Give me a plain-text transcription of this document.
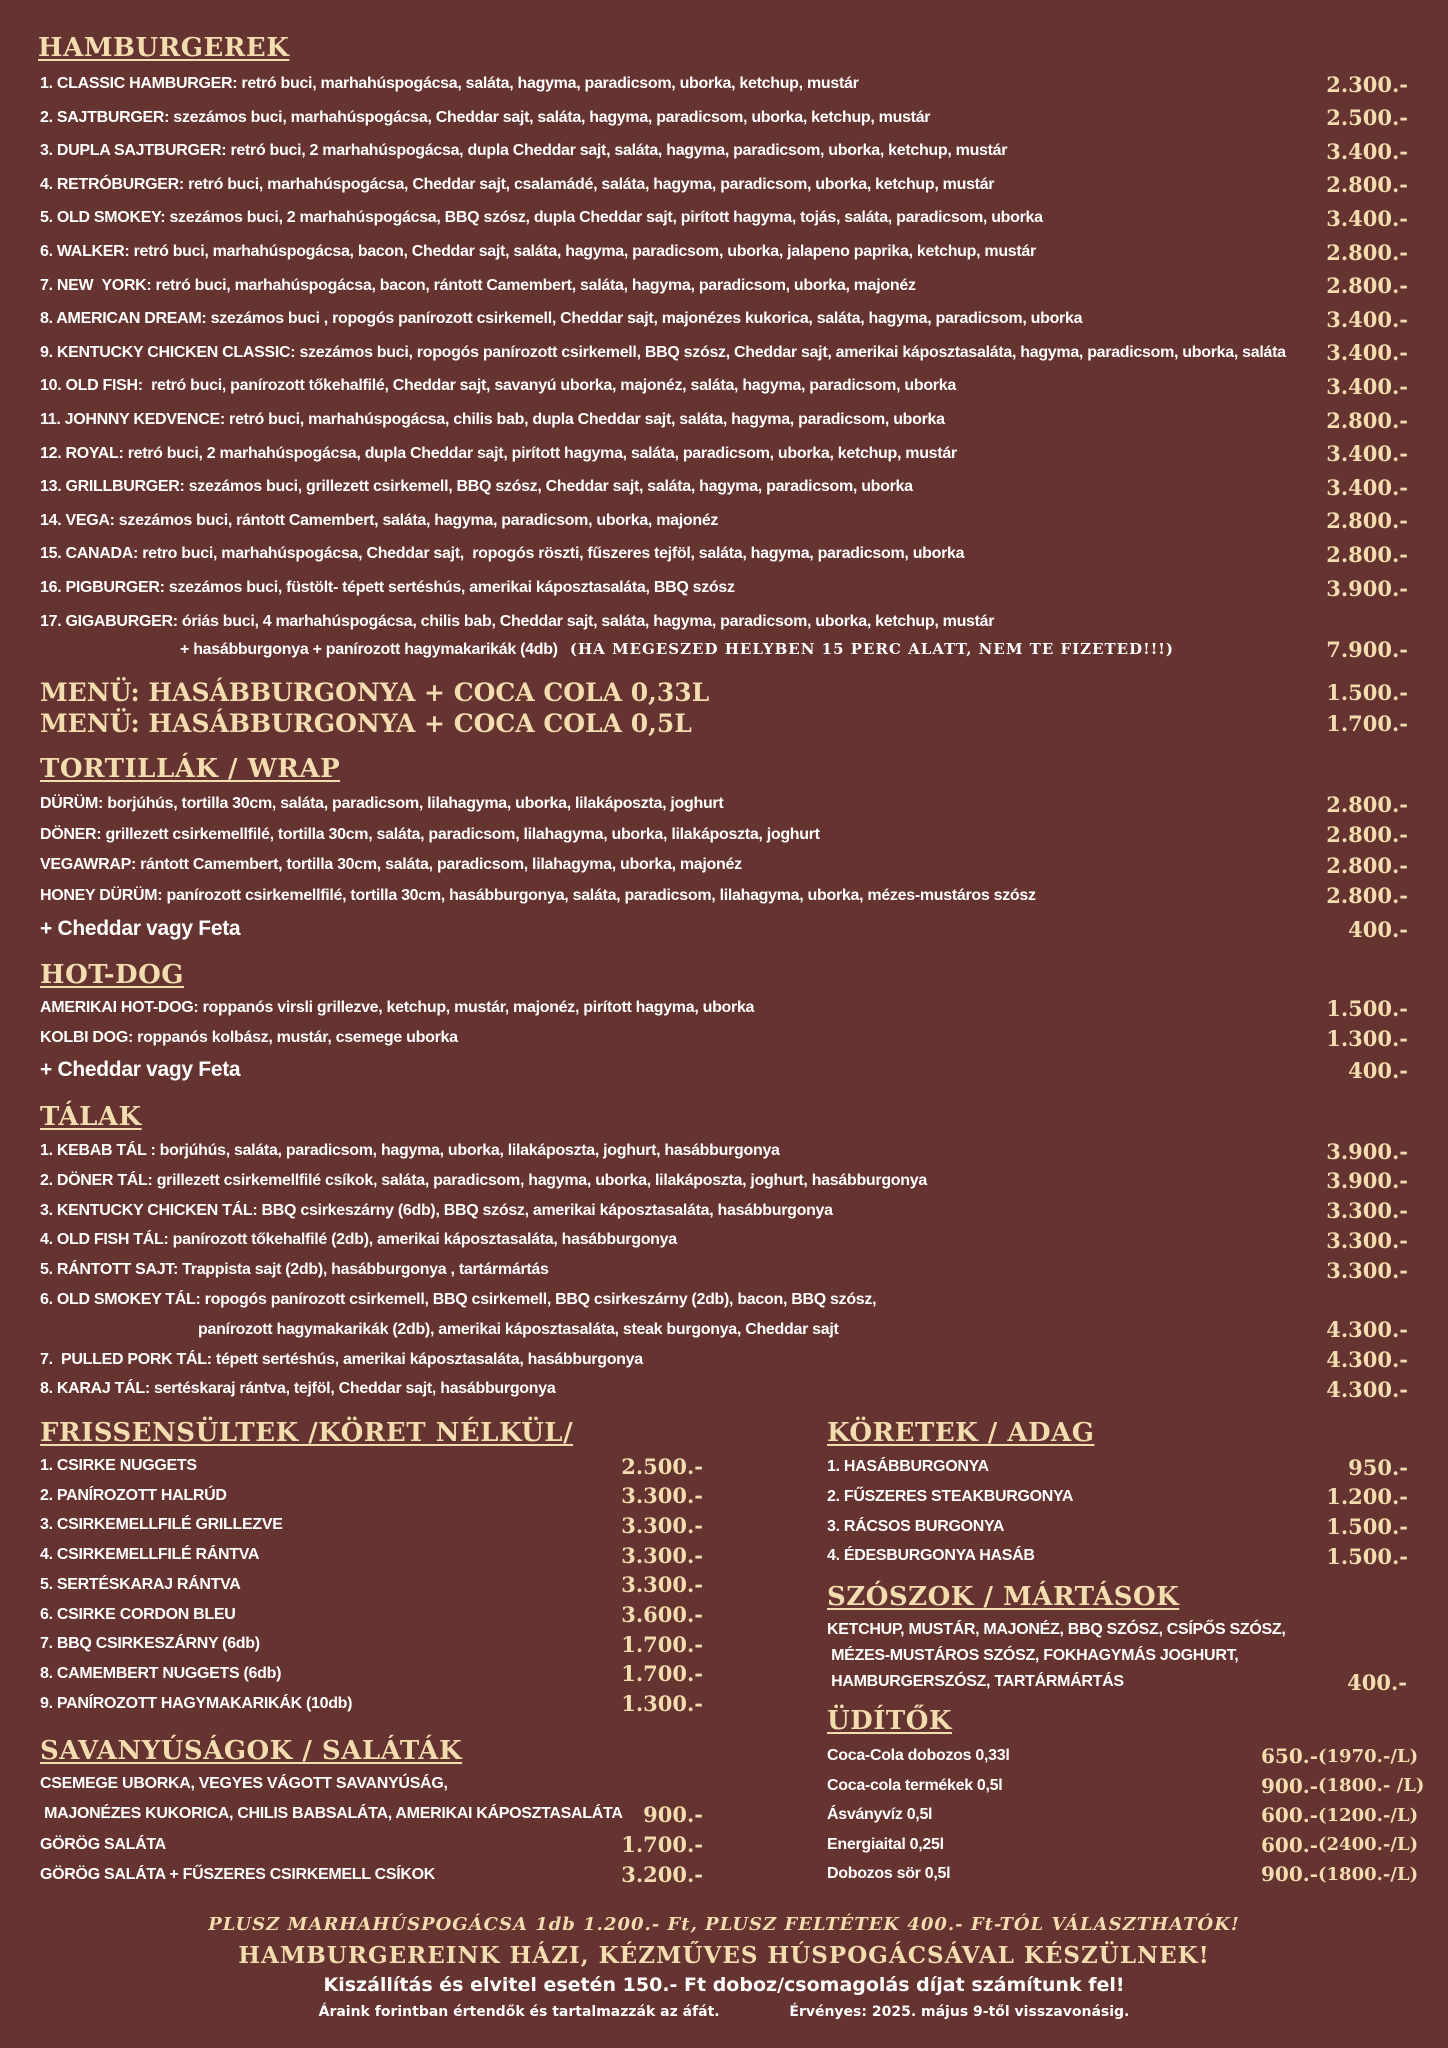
HAMBURGEREK
1. CLASSIC HAMBURGER: retró buci, marhahúspogácsa, saláta, hagyma, paradicsom, uborka, ketchup, mustár	2.300.-
2. SAJTBURGER: szezámos buci, marhahúspogácsa, Cheddar sajt, saláta, hagyma, paradicsom, uborka, ketchup, mustár	2.500.-
3. DUPLA SAJTBURGER: retró buci, 2 marhahúspogácsa, dupla Cheddar sajt, saláta, hagyma, paradicsom, uborka, ketchup, mustár	3.400.-
4. RETRÓBURGER: retró buci, marhahúspogácsa, Cheddar sajt, csalamádé, saláta, hagyma, paradicsom, uborka, ketchup, mustár	2.800.-
5. OLD SMOKEY: szezámos buci, 2 marhahúspogácsa, BBQ szósz, dupla Cheddar sajt, pirított hagyma, tojás, saláta, paradicsom, uborka	3.400.-
6. WALKER: retró buci, marhahúspogácsa, bacon, Cheddar sajt, saláta, hagyma, paradicsom, uborka, jalapeno paprika, ketchup, mustár	2.800.-
7. NEW  YORK: retró buci, marhahúspogácsa, bacon, rántott Camembert, saláta, hagyma, paradicsom, uborka, majonéz	2.800.-
8. AMERICAN DREAM: szezámos buci , ropogós panírozott csirkemell, Cheddar sajt, majonézes kukorica, saláta, hagyma, paradicsom, uborka	3.400.-
9. KENTUCKY CHICKEN CLASSIC: szezámos buci, ropogós panírozott csirkemell, BBQ szósz, Cheddar sajt, amerikai káposztasaláta, hagyma, paradicsom, uborka, saláta 3.400.-
10. OLD FISH:  retró buci, panírozott tőkehalfilé, Cheddar sajt, savanyú uborka, majonéz, saláta, hagyma, paradicsom, uborka	3.400.-
11. JOHNNY KEDVENCE: retró buci, marhahúspogácsa, chilis bab, dupla Cheddar sajt, saláta, hagyma, paradicsom, uborka	2.800.-
12. ROYAL: retró buci, 2 marhahúspogácsa, dupla Cheddar sajt, pirított hagyma, saláta, paradicsom, uborka, ketchup, mustár	3.400.-
13. GRILLBURGER: szezámos buci, grillezett csirkemell, BBQ szósz, Cheddar sajt, saláta, hagyma, paradicsom, uborka	3.400.-
14. VEGA: szezámos buci, rántott Camembert, saláta, hagyma, paradicsom, uborka, majonéz	2.800.-
15. CANADA: retro buci, marhahúspogácsa, Cheddar sajt,  ropogós röszti, fűszeres tejföl, saláta, hagyma, paradicsom, uborka	2.800.-
16. PIGBURGER: szezámos buci, füstölt- tépett sertéshús, amerikai káposztasaláta, BBQ szósz	3.900.-
17. GIGABURGER: óriás buci, 4 marhahúspogácsa, chilis bab, Cheddar sajt, saláta, hagyma, paradicsom, uborka, ketchup, mustár
+ hasábburgonya + panírozott hagymakarikák (4db) (HA MEGESZED HELYBEN 15 PERC ALATT, NEM TE FIZETED!!!)	7.900.-
MENÜ: HASÁBBURGONYA + COCA COLA 0,33L	1.500.-
MENÜ: HASÁBBURGONYA + COCA COLA 0,5L	1.700.-
TORTILLÁK / WRAP
DÜRÜM: borjúhús, tortilla 30cm, saláta, paradicsom, lilahagyma, uborka, lilakáposzta, joghurt	2.800.-
DÖNER: grillezett csirkemellfilé, tortilla 30cm, saláta, paradicsom, lilahagyma, uborka, lilakáposzta, joghurt	2.800.-
VEGAWRAP: rántott Camembert, tortilla 30cm, saláta, paradicsom, lilahagyma, uborka, majonéz	2.800.-
HONEY DÜRÜM: panírozott csirkemellfilé, tortilla 30cm, hasábburgonya, saláta, paradicsom, lilahagyma, uborka, mézes-mustáros szósz	2.800.-
+ Cheddar vagy Feta	400.-
HOT-DOG
AMERIKAI HOT-DOG: roppanós virsli grillezve, ketchup, mustár, majonéz, pirított hagyma, uborka	1.500.-
KOLBI DOG: roppanós kolbász, mustár, csemege uborka	1.300.-
+ Cheddar vagy Feta	400.-
TÁLAK
1. KEBAB TÁL : borjúhús, saláta, paradicsom, hagyma, uborka, lilakáposzta, joghurt, hasábburgonya	3.900.-
2. DÖNER TÁL: grillezett csirkemellfilé csíkok, saláta, paradicsom, hagyma, uborka, lilakáposzta, joghurt, hasábburgonya	3.900.-
3. KENTUCKY CHICKEN TÁL: BBQ csirkeszárny (6db), BBQ szósz, amerikai káposztasaláta, hasábburgonya	3.300.-
4. OLD FISH TÁL: panírozott tőkehalfilé (2db), amerikai káposztasaláta, hasábburgonya	3.300.-
5. RÁNTOTT SAJT: Trappista sajt (2db), hasábburgonya , tartármártás	3.300.-
6. OLD SMOKEY TÁL: ropogós panírozott csirkemell, BBQ csirkemell, BBQ csirkeszárny (2db), bacon, BBQ szósz,
panírozott hagymakarikák (2db), amerikai káposztasaláta, steak burgonya, Cheddar sajt	4.300.-
7.  PULLED PORK TÁL: tépett sertéshús, amerikai káposztasaláta, hasábburgonya	4.300.-
8. KARAJ TÁL: sertéskaraj rántva, tejföl, Cheddar sajt, hasábburgonya	4.300.-
FRISSENSÜLTEK /KÖRET NÉLKÜL/
1. CSIRKE NUGGETS	2.500.-
2. PANÍROZOTT HALRÚD	3.300.-
3. CSIRKEMELLFILÉ GRILLEZVE	3.300.-
4. CSIRKEMELLFILÉ RÁNTVA	3.300.-
5. SERTÉSKARAJ RÁNTVA	3.300.-
6. CSIRKE CORDON BLEU	3.600.-
7. BBQ CSIRKESZÁRNY (6db)	1.700.-
8. CAMEMBERT NUGGETS (6db)	1.700.-
9. PANÍROZOTT HAGYMAKARIKÁK (10db)	1.300.-
SAVANYÚSÁGOK / SALÁTÁK
CSEMEGE UBORKA, VEGYES VÁGOTT SAVANYÚSÁG,
MAJONÉZES KUKORICA, CHILIS BABSALÁTA, AMERIKAI KÁPOSZTASALÁTA 900.-
GÖRÖG SALÁTA	1.700.-
GÖRÖG SALÁTA + FŰSZERES CSIRKEMELL CSÍKOK	3.200.-
KÖRETEK / ADAG
1. HASÁBBURGONYA	950.-
2. FŰSZERES STEAKBURGONYA	1.200.-
3. RÁCSOS BURGONYA	1.500.-
4. ÉDESBURGONYA HASÁB	1.500.-
SZÓSZOK / MÁRTÁSOK
KETCHUP, MUSTÁR, MAJONÉZ, BBQ SZÓSZ, CSÍPŐS SZÓSZ,
MÉZES-MUSTÁROS SZÓSZ, FOKHAGYMÁS JOGHURT,
HAMBURGERSZÓSZ, TARTÁRMÁRTÁS	400.-
ÜDÍTŐK
Coca-Cola dobozos 0,33l	650.- (1970.-/L)
Coca-cola termékek 0,5l	900.- (1800.- /L)
Ásványvíz 0,5l	600.- (1200.-/L)
Energiaital 0,25l	600.- (2400.-/L)
Dobozos sör 0,5l	900.- (1800.-/L)
PLUSZ MARHAHÚSPOGÁCSA 1db 1.200.- Ft, PLUSZ FELTÉTEK 400.- Ft-TÓL VÁLASZTHATÓK!
HAMBURGEREINK HÁZI, KÉZMŰVES HÚSPOGÁCSÁVAL KÉSZÜLNEK!
Kiszállítás és elvitel esetén 150.- Ft doboz/csomagolás díjat számítunk fel!
Áraink forintban értendők és tartalmazzák az áfát.	Érvényes: 2025. május 9-től visszavonásig.
